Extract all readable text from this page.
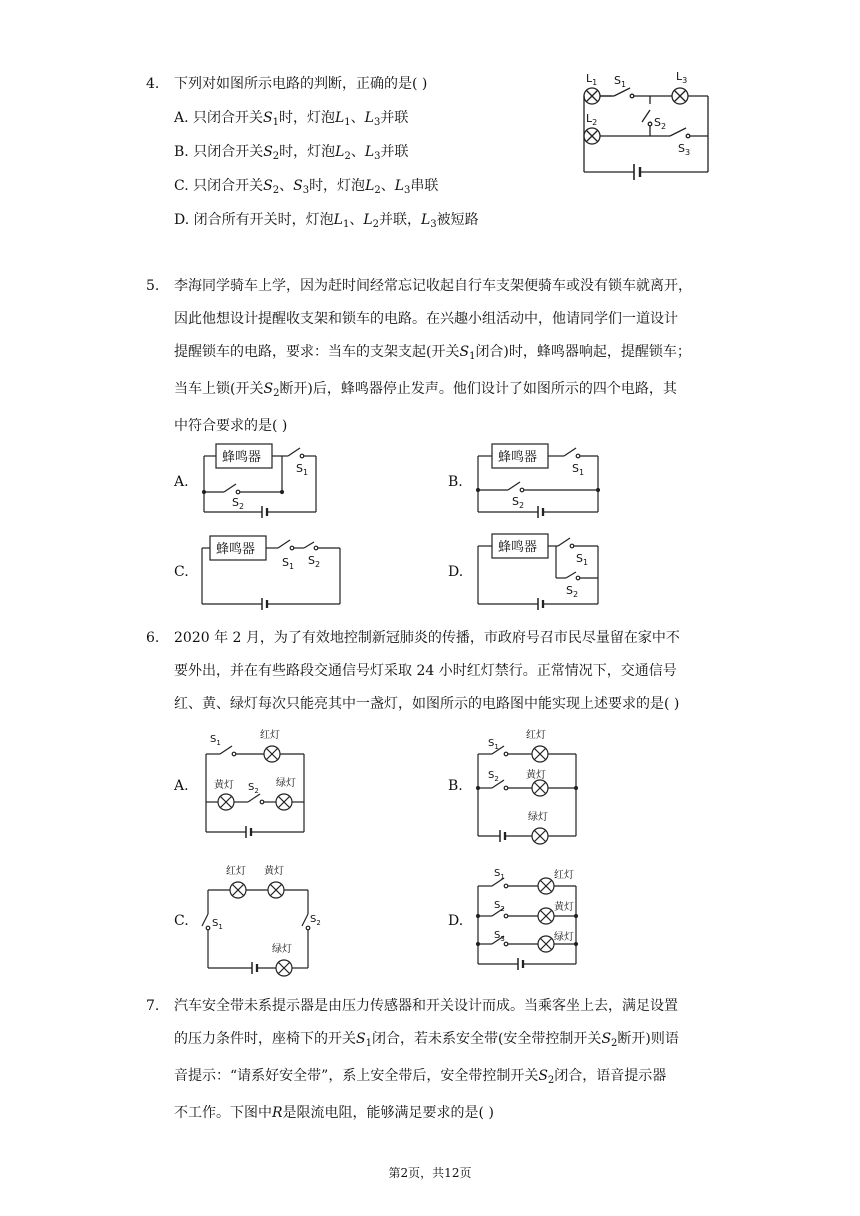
4. 下列对如图所示电路的判断，正确的是( )
A. 只闭合开关$S_1$时，灯泡$L_1$、$L_3$并联
B. 只闭合开关$S_2$时，灯泡$L_2$、$L_3$并联
C. 只闭合开关$S_2$、$S_3$时，灯泡$L_2$、$L_3$串联
D. 闭合所有开关时，灯泡$L_1$、$L_2$并联，$L_3$被短路
$L_1$ $S_1$
$L_3$
$L_2$	$S_2$
$S_3$
5. 李海同学骑车上学，因为赶时间经常忘记收起自行车支架便骑车或没有锁车就离开，
因此他想设计提醒收支架和锁车的电路。在兴趣小组活动中，他请同学们一道设计
提醒锁车的电路，要求：当车的支架支起(开关$S_1$闭合)时，蜂鸣器响起，提醒锁车；
当车上锁(开关$S_2$断开)后，蜂鸣器停止发声。他们设计了如图所示的四个电路，其
中符合要求的是( )
A.	B.
C.	D.
蜂鸣器
$S_1$
$S_2$
蜂鸣器
$S_1$
$S_2$
蜂鸣器
$S_1$ $S_2$
蜂鸣器
$S_1$
$S_2$
6. 2020 年 2 月，为了有效地控制新冠肺炎的传播，市政府号召市民尽量留在家中不
要外出，并在有些路段交通信号灯采取 24 小时红灯禁行。正常情况下，交通信号
红、黄、绿灯每次只能亮其中一盏灯，如图所示的电路图中能实现上述要求的是( )
A.	B.
C.	D.
$S_1$
红灯
黄灯 $S_2$
绿灯
$S_1$
红灯
$S_2$	黄灯
绿灯
红灯 黄灯
$S_1$
$S_2$
绿灯
$S_1$	红灯
$S_2$	黄灯
$S_3$	绿灯
7. 汽车安全带未系提示器是由压力传感器和开关设计而成。当乘客坐上去，满足设置
的压力条件时，座椅下的开关$S_1$闭合，若未系安全带(安全带控制开关$S_2$断开)则语
音提示：“请系好安全带”，系上安全带后，安全带控制开关$S_2$闭合，语音提示器
不工作。下图中R是限流电阻，能够满足要求的是( )
第2页，共12页
